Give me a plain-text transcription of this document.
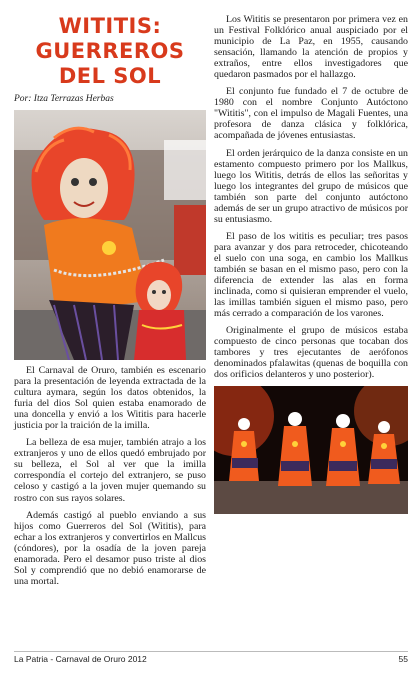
WITITIS:
GUERREROS DEL SOL
Por: Itza Terrazas Herbas

El Carnaval de Oruro, también es escenario para la presentación de leyenda extractada de la cultura aymara, según los datos obtenidos, la furia del dios Sol quien estaba enamorado de una doncella y envió a los Wititis para hacerle justicia por la traición de la imilla.

La belleza de esa mujer, también atrajo a los extranjeros y uno de ellos quedó embrujado por su belleza, el Sol al ver que la imilla correspondía el cortejo del extranjero, se puso celoso y castigó a la joven mujer quemando su rostro con sus rayos solares.

Además castigó al pueblo enviando a sus hijos como Guerreros del Sol (Wititis), para echar a los extranjeros y convertirlos en Mallcus (cóndores), por la osadía de la joven pareja enamorada. Pero el desamor puso triste al dios Sol y comprendió que no debió enamorarse de una mortal.

Los Wititis se presentaron por primera vez en un Festival Folklórico anual auspiciado por el municipio de La Paz, en 1955, causando sensación, llamando la atención de propios y extraños, entre ellos investigadores que quedaron pasmados por el hallazgo.

El conjunto fue fundado el 7 de octubre de 1980 con el nombre Conjunto Autóctono "Wititis", con el impulso de Magali Fuentes, una profesora de danza clásica y folklórica, acompañada de jóvenes entusiastas.

El orden jerárquico de la danza consiste en un estamento compuesto primero por los Mallkus, luego los Wititis, detrás de ellos las señoritas y luego los integrantes del grupo de músicos que también son parte del conjunto autóctono además de ser un grupo atractivo de músicos por su entusiasmo.

El paso de los wititis es peculiar; tres pasos para avanzar y dos para retroceder, chicoteando el suelo con una soga, en cambio los Mallkus también se basan en el mismo paso, pero con la diferencia de extender las alas en forma inclinada, como si quisieran emprender el vuelo, las imillas también siguen el mismo paso, pero más cerrado a comparación de los varones.

Originalmente el grupo de músicos estaba compuesto de cinco personas que tocaban dos tambores y tres ejecutantes de aerófonos denominados pfalawitas (quenas de boquilla con dos orificios delanteros y uno posterior).

La Patria - Carnaval de Oruro 2012	55
